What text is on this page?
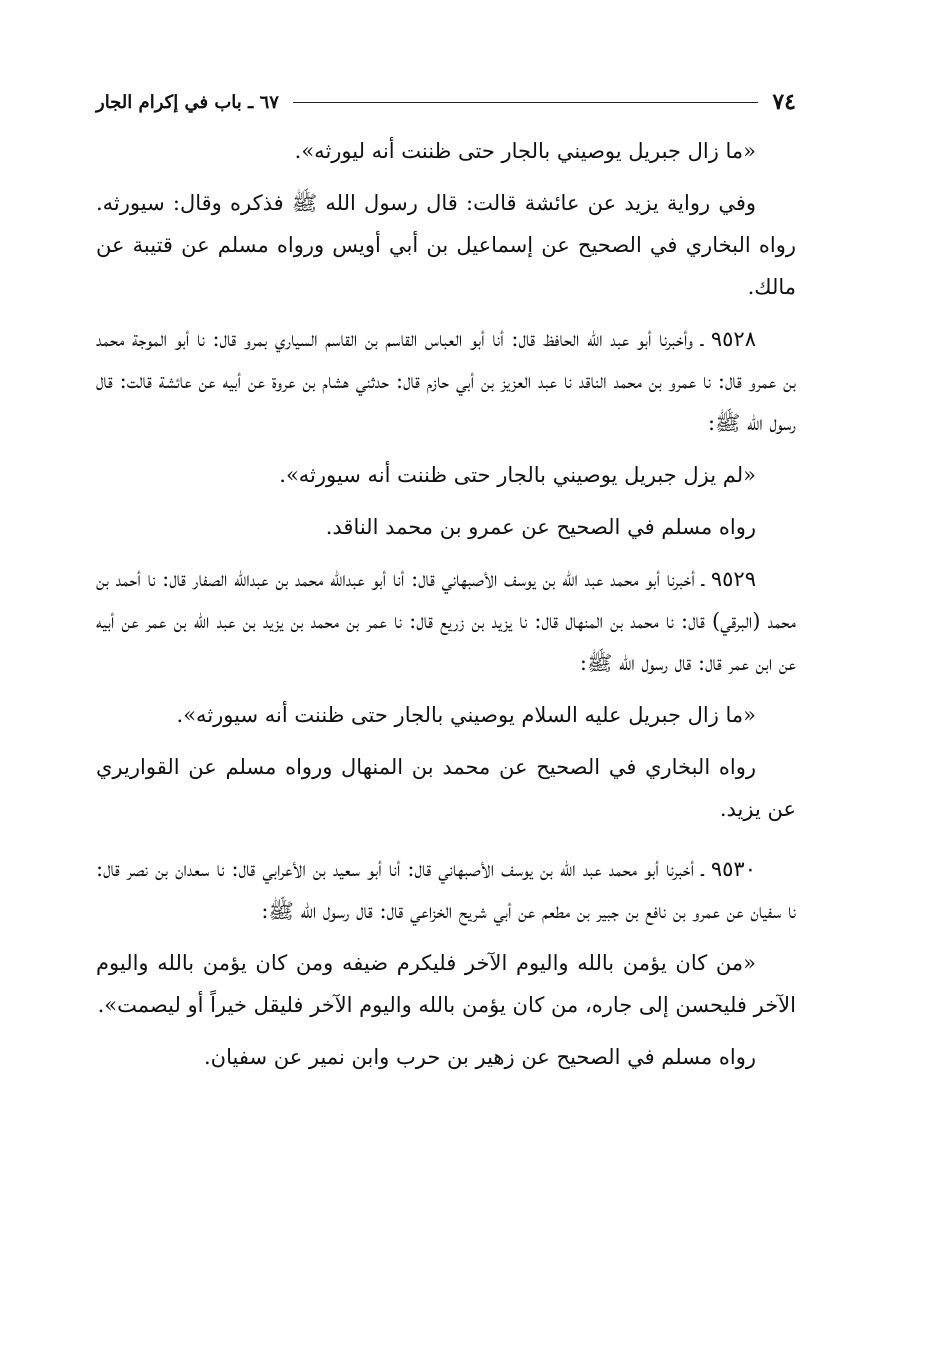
٧٤
٦٧ ـ باب في إكرام الجار

«ما زال جبريل يوصيني بالجار حتى ظننت أنه ليورثه».

وفي رواية يزيد عن عائشة قالت: قال رسول الله ﷺ فذكره وقال: سيورثه. رواه البخاري في الصحيح عن إسماعيل بن أبي أويس ورواه مسلم عن قتيبة عن مالك.

٩٥٢٨ ـ وأخبرنا أبو عبد الله الحافظ قال: أنا أبو العباس القاسم بن القاسم السياري بمرو قال: نا أبو الموجة محمد بن عمرو قال: نا عمرو بن محمد الناقد نا عبد العزيز بن أبي حازم قال: حدثني هشام بن عروة عن أبيه عن عائشة قالت: قال رسول الله ﷺ:

«لم يزل جبريل يوصيني بالجار حتى ظننت أنه سيورثه».

رواه مسلم في الصحيح عن عمرو بن محمد الناقد.

٩٥٢٩ ـ أخبرنا أبو محمد عبد الله بن يوسف الأصبهاني قال: أنا أبو عبدالله محمد بن عبدالله الصفار قال: نا أحمد بن محمد (البرقي) قال: نا محمد بن المنهال قال: نا يزيد بن زريع قال: نا عمر بن محمد بن يزيد بن عبد الله بن عمر عن أبيه عن ابن عمر قال: قال رسول الله ﷺ:

«ما زال جبريل عليه السلام يوصيني بالجار حتى ظننت أنه سيورثه».

رواه البخاري في الصحيح عن محمد بن المنهال ورواه مسلم عن القواريري عن يزيد.

٩٥٣٠ ـ أخبرنا أبو محمد عبد الله بن يوسف الأصبهاني قال: أنا أبو سعيد بن الأعرابي قال: نا سعدان بن نصر قال: نا سفيان عن عمرو بن نافع بن جبير بن مطعم عن أبي شريح الخزاعي قال: قال رسول الله ﷺ:

«من كان يؤمن بالله واليوم الآخر فليكرم ضيفه ومن كان يؤمن بالله واليوم الآخر فليحسن إلى جاره، من كان يؤمن بالله واليوم الآخر فليقل خيراً أو ليصمت».

رواه مسلم في الصحيح عن زهير بن حرب وابن نمير عن سفيان.
